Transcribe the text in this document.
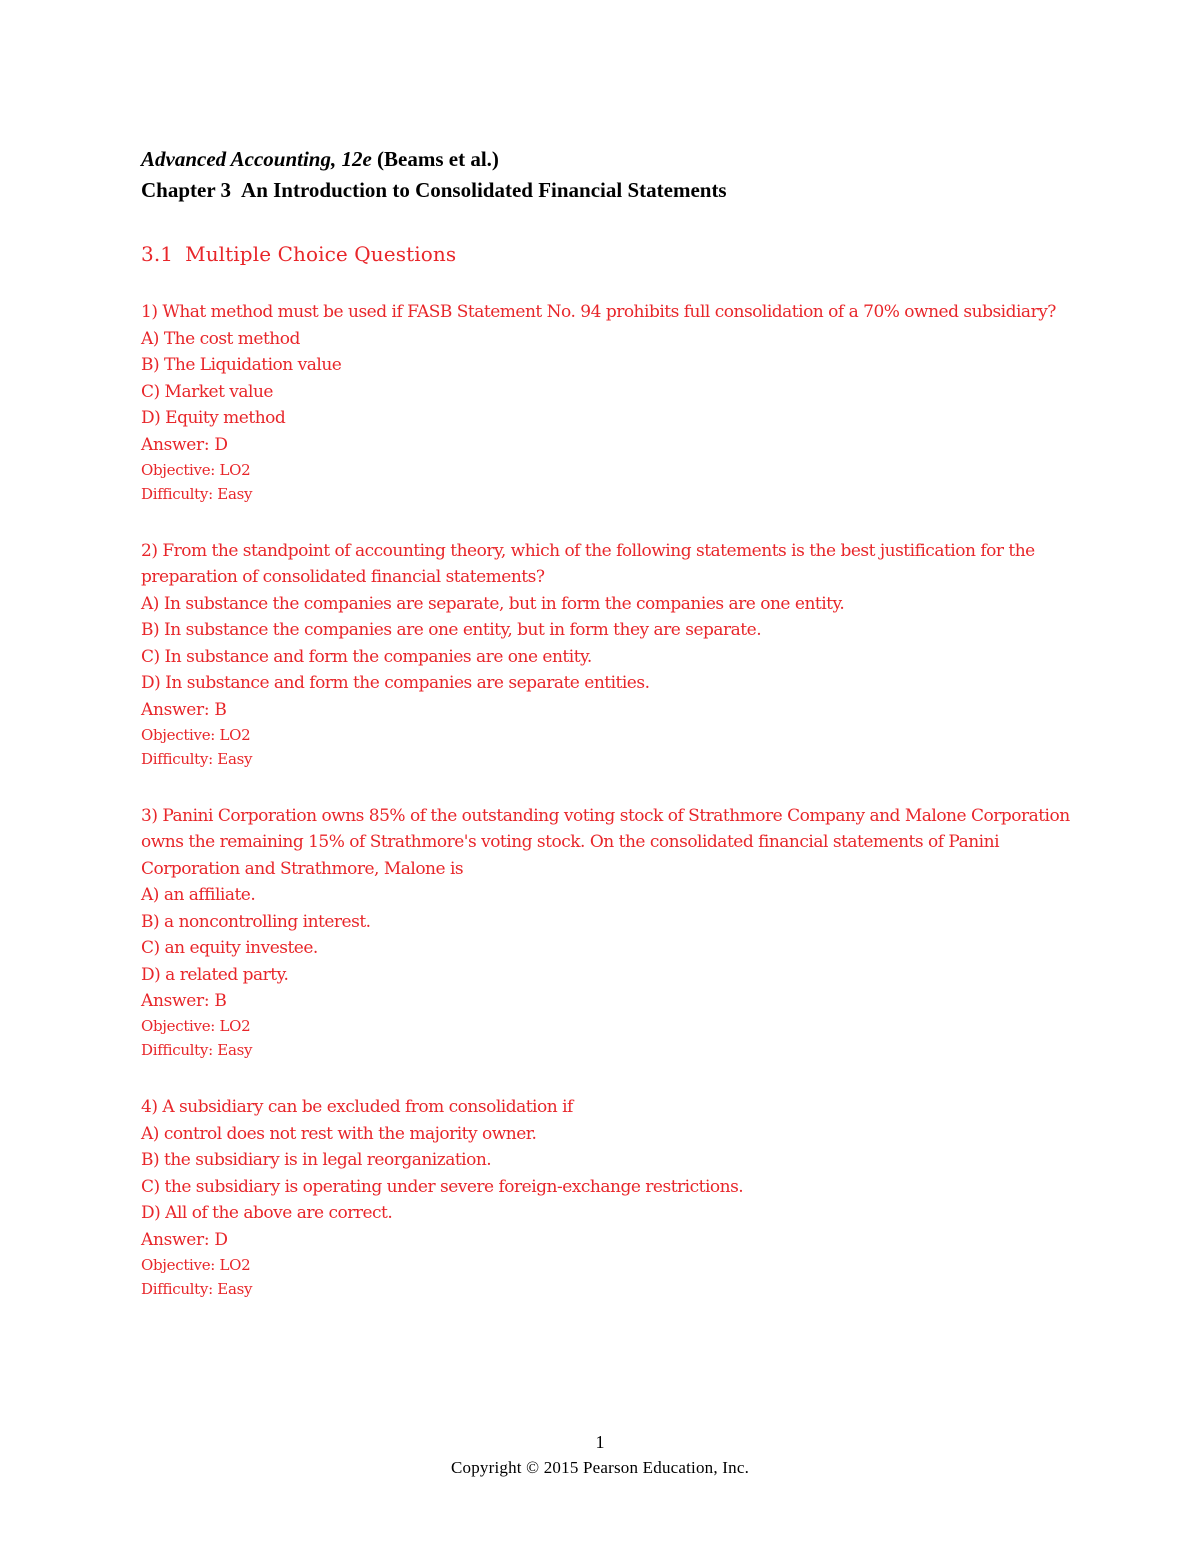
Advanced Accounting, 12e (Beams et al.)
Chapter 3 An Introduction to Consolidated Financial Statements
3.1 Multiple Choice Questions
1) What method must be used if FASB Statement No. 94 prohibits full consolidation of a 70% owned subsidiary?
A) The cost method
B) The Liquidation value
C) Market value
D) Equity method
Answer: D
Objective: LO2
Difficulty: Easy
2) From the standpoint of accounting theory, which of the following statements is the best justification for the preparation of consolidated financial statements?
A) In substance the companies are separate, but in form the companies are one entity.
B) In substance the companies are one entity, but in form they are separate.
C) In substance and form the companies are one entity.
D) In substance and form the companies are separate entities.
Answer: B
Objective: LO2
Difficulty: Easy
3) Panini Corporation owns 85% of the outstanding voting stock of Strathmore Company and Malone Corporation owns the remaining 15% of Strathmore's voting stock. On the consolidated financial statements of Panini Corporation and Strathmore, Malone is
A) an affiliate.
B) a noncontrolling interest.
C) an equity investee.
D) a related party.
Answer: B
Objective: LO2
Difficulty: Easy
4) A subsidiary can be excluded from consolidation if
A) control does not rest with the majority owner.
B) the subsidiary is in legal reorganization.
C) the subsidiary is operating under severe foreign-exchange restrictions.
D) All of the above are correct.
Answer: D
Objective: LO2
Difficulty: Easy
1
Copyright © 2015 Pearson Education, Inc.
